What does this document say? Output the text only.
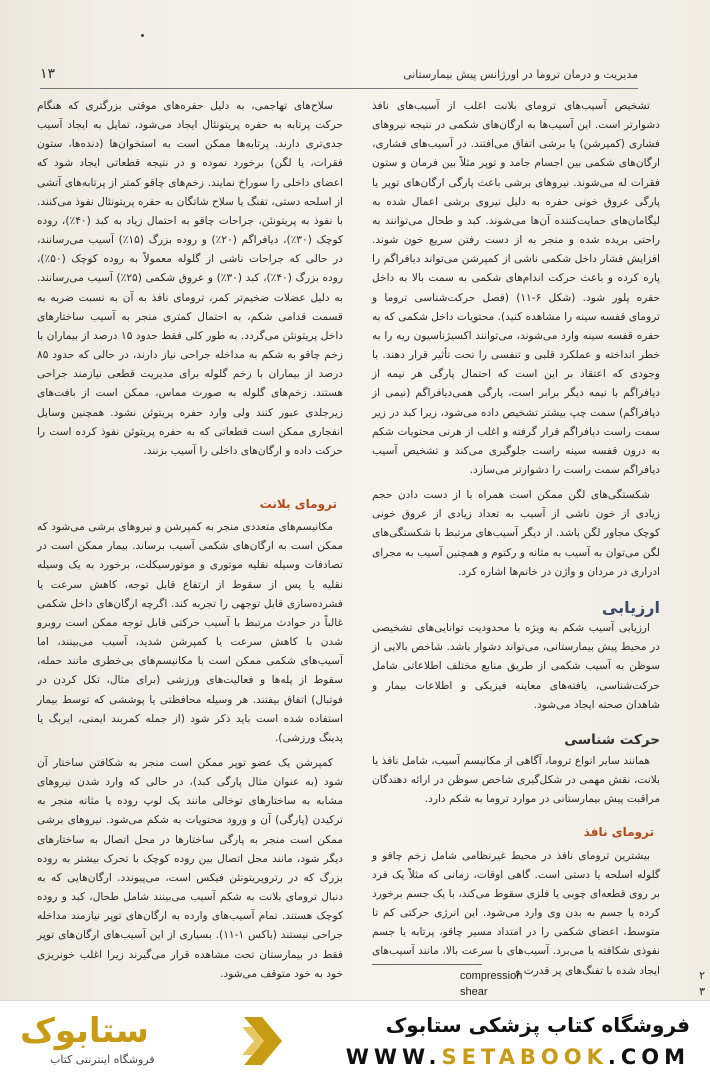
مدیریت و درمان تروما در اورژانس پیش بیمارستانی
۱۳

تشخیص آسیب‌های ترومای بلانت اغلب از آسیب‌های نافذ دشوارتر است. این آسیب‌ها به ارگان‌های شکمی در نتیجه نیروهای فشاری (کمپرشن) یا برشی اتفاق می‌افتند. در آسیب‌های فشاری، ارگان‌های شکمی بین اجسام جامد و توپر مثلاً بین فرمان و ستون فقرات له می‌شوند. نیروهای برشی باعث پارگی ارگان‌های توپر یا پارگی عروق خونی حفره به دلیل نیروی برشی اعمال شده به لیگامان‌های حمایت‌کننده آن‌ها می‌شوند. کبد و طحال می‌توانند به راحتی بریده شده و منجر به از دست رفتن سریع خون شوند. افزایش فشار داخل شکمی ناشی از کمپرشن می‌تواند دیافراگم را پاره کرده و باعث حرکت اندام‌های شکمی به سمت بالا به داخل حفره پلور شود. (شکل ۶-۱۱) (فصل حرکت‌شناسی تروما و ترومای قفسه سینه را مشاهده کنید). محتویات داخل شکمی که به حفره قفسه سینه وارد می‌شوند، می‌توانند اکسیژناسیون ریه را به خطر انداخته و عملکرد قلبی و تنفسی را تحت تأثیر قرار دهند. با وجودی که اعتقاد بر این است که احتمال پارگی هر نیمه از دیافراگم با نیمه دیگر برابر است، پارگی همی‌دیافراگم (نیمی از دیافراگم) سمت چپ بیشتر تشخیص داده می‌شود، زیرا کبد در زیر سمت راست دیافراگم قرار گرفته و اغلب از هرنی محتویات شکم به درون قفسه سینه راست جلوگیری می‌کند و تشخیص آسیب دیافراگم سمت راست را دشوارتر می‌سازد.

شکستگی‌های لگن ممکن است همراه با از دست دادن حجم زیادی از خون ناشی از آسیب به تعداد زیادی از عروق خونی کوچک مجاور لگن باشد. از دیگر آسیب‌های مرتبط با شکستگی‌های لگن می‌توان به آسیب به مثانه و رکتوم و همچنین آسیب به مجرای ادراری در مردان و واژن در خانم‌ها اشاره کرد.

ارزیابی

ارزیابی آسیب شکم به ویژه با محدودیت توانایی‌های تشخیصی در محیط پیش بیمارستانی، می‌تواند دشوار باشد. شاخص بالایی از سوظن به آسیب شکمی از طریق منابع مختلف اطلاعاتی شامل حرکت‌شناسی، یافته‌های معاینه فیزیکی و اطلاعات بیمار و شاهدان صحنه ایجاد می‌شود.

حرکت شناسی

همانند سایر انواع تروما، آگاهی از مکانیسم آسیب، شامل نافذ یا بلانت، نقش مهمی در شکل‌گیری شاخص سوظن در ارائه دهندگان مراقبت پیش بیمارستانی در موارد تروما به شکم دارد.

ترومای نافذ

بیشترین ترومای نافذ در محیط غیرنظامی شامل زخم چاقو و گلوله اسلحه یا دستی است. گاهی اوقات، زمانی که مثلاً یک فرد بر روی قطعه‌ای چوبی یا فلزی سقوط می‌کند، با یک جسم برخورد کرده یا جسم به بدن وی وارد می‌شود. این انرژی حرکتی کم تا متوسط، اعضای شکمی را در امتداد مسیر چاقو، پرتابه یا جسم نفوذی شکافته یا می‌برد. آسیب‌های با سرعت بالا، مانند آسیب‌های ایجاد شده با تفنگ‌های پر قدرت و

سلاح‌های تهاجمی، به دلیل حفره‌های موقتی بزرگتری که هنگام حرکت پرتابه به حفره پریتونئال ایجاد می‌شود، تمایل به ایجاد آسیب جدی‌تری دارند. پرتابه‌ها ممکن است به استخوان‌ها (دنده‌ها، ستون فقرات، یا لگن) برخورد نموده و در نتیجه قطعاتی ایجاد شود که اعضای داخلی را سوراخ نمایند. زخم‌های چاقو کمتر از پرتابه‌های آتشی از اسلحه دستی، تفنگ یا سلاح شاتگان به حفره پریتونئال نفوذ می‌کنند. با نفوذ به پریتونئن، جراحات چاقو به احتمال زیاد به کبد (۴۰٪)، روده کوچک (۳۰٪)، دیافراگم (۲۰٪) و روده بزرگ (۱۵٪) آسیب می‌رسانند، در حالی که جراحات ناشی از گلوله معمولاً به روده کوچک (۵۰٪)، روده بزرگ (۴۰٪)، کبد (۳۰٪) و عروق شکمی (۲۵٪) آسیب می‌رسانند. به دلیل عضلات ضخیم‌تر کمر، ترومای نافذ به آن به نسبت ضربه به قسمت قدامی شکم، به احتمال کمتری منجر به آسیب ساختارهای داخل پریتونئن می‌گردد. به طور کلی فقط حدود ۱۵ درصد از بیماران با زخم چاقو به شکم به مداخله جراحی نیاز دارند، در حالی که حدود ۸۵ درصد از بیماران با زخم گلوله برای مدیریت قطعی نیازمند جراحی هستند. زخم‌های گلوله به صورت مماس، ممکن است از بافت‌های زیرجلدی عبور کنند ولی وارد حفره پریتوئن نشود. همچنین وسایل انفجاری ممکن است قطعاتی که به حفره پریتوئن نفوذ کرده است را حرکت داده و ارگان‌های داخلی را آسیب بزنند.

ترومای بلانت

مکانیسم‌های متعددی منجر به کمپرشن و نیروهای برشی می‌شود که ممکن است به ارگان‌های شکمی آسیب برساند. بیمار ممکن است در تصادفات وسیله نقلیه موتوری و موتورسیکلت، برخورد به یک وسیله نقلیه یا پس از سقوط از ارتفاع قابل توجه، کاهش سرعت یا فشرده‌سازی قابل توجهی را تجربه کند. اگرچه ارگان‌های داخل شکمی غالباً در حوادث مرتبط با آسیب حرکتی قابل توجه ممکن است روبرو شدن با کاهش سرعت یا کمپرشن شدید، آسیب می‌بینند، اما آسیب‌های شکمی ممکن است با مکانیسم‌های بی‌خطری مانند حمله، سقوط از پله‌ها و فعالیت‌های ورزشی (برای مثال، تکل کردن در فوتبال) اتفاق بیفتند. هر وسیله محافظتی یا پوششی که توسط بیمار استفاده شده است باید ذکر شود (از جمله کمربند ایمنی، ایربگ یا پدینگ ورزشی).

کمپرشن یک عضو توپر ممکن است منجر به شکافتن ساختار آن شود (به عنوان مثال پارگی کبد)، در حالی که وارد شدن نیروهای مشابه به ساختارهای توخالی مانند یک لوپ روده یا مثانه منجر به ترکیدن (پارگی) آن و ورود محتویات به شکم می‌شود. نیروهای برشی ممکن است منجر به پارگی ساختارها در محل اتصال به ساختارهای دیگر شود، مانند محل اتصال بین روده کوچک با تحرک بیشتر به روده بزرگ که در رتروپریتونئن فیکس است، می‌پیوندد. ارگان‌هایی که به دنبال ترومای بلانت به شکم آسیب می‌بینند شامل طحال، کبد و روده کوچک هستند. تمام آسیب‌های وارده به ارگان‌های توپر نیازمند مداخله جراحی نیستند (باکس ۱-۱۱). بسیاری از این آسیب‌های ارگان‌های توپر فقط در بیمارستان تحت مشاهده قرار می‌گیرند زیرا اغلب خونریزی خود به خود متوقف می‌شود.	compression	۲
shear	۳
ستابوک
فروشگاه اینترنتی کتاب
فروشگاه کتاب پزشکی ستابوک
WWW.SETABOOK.COM
